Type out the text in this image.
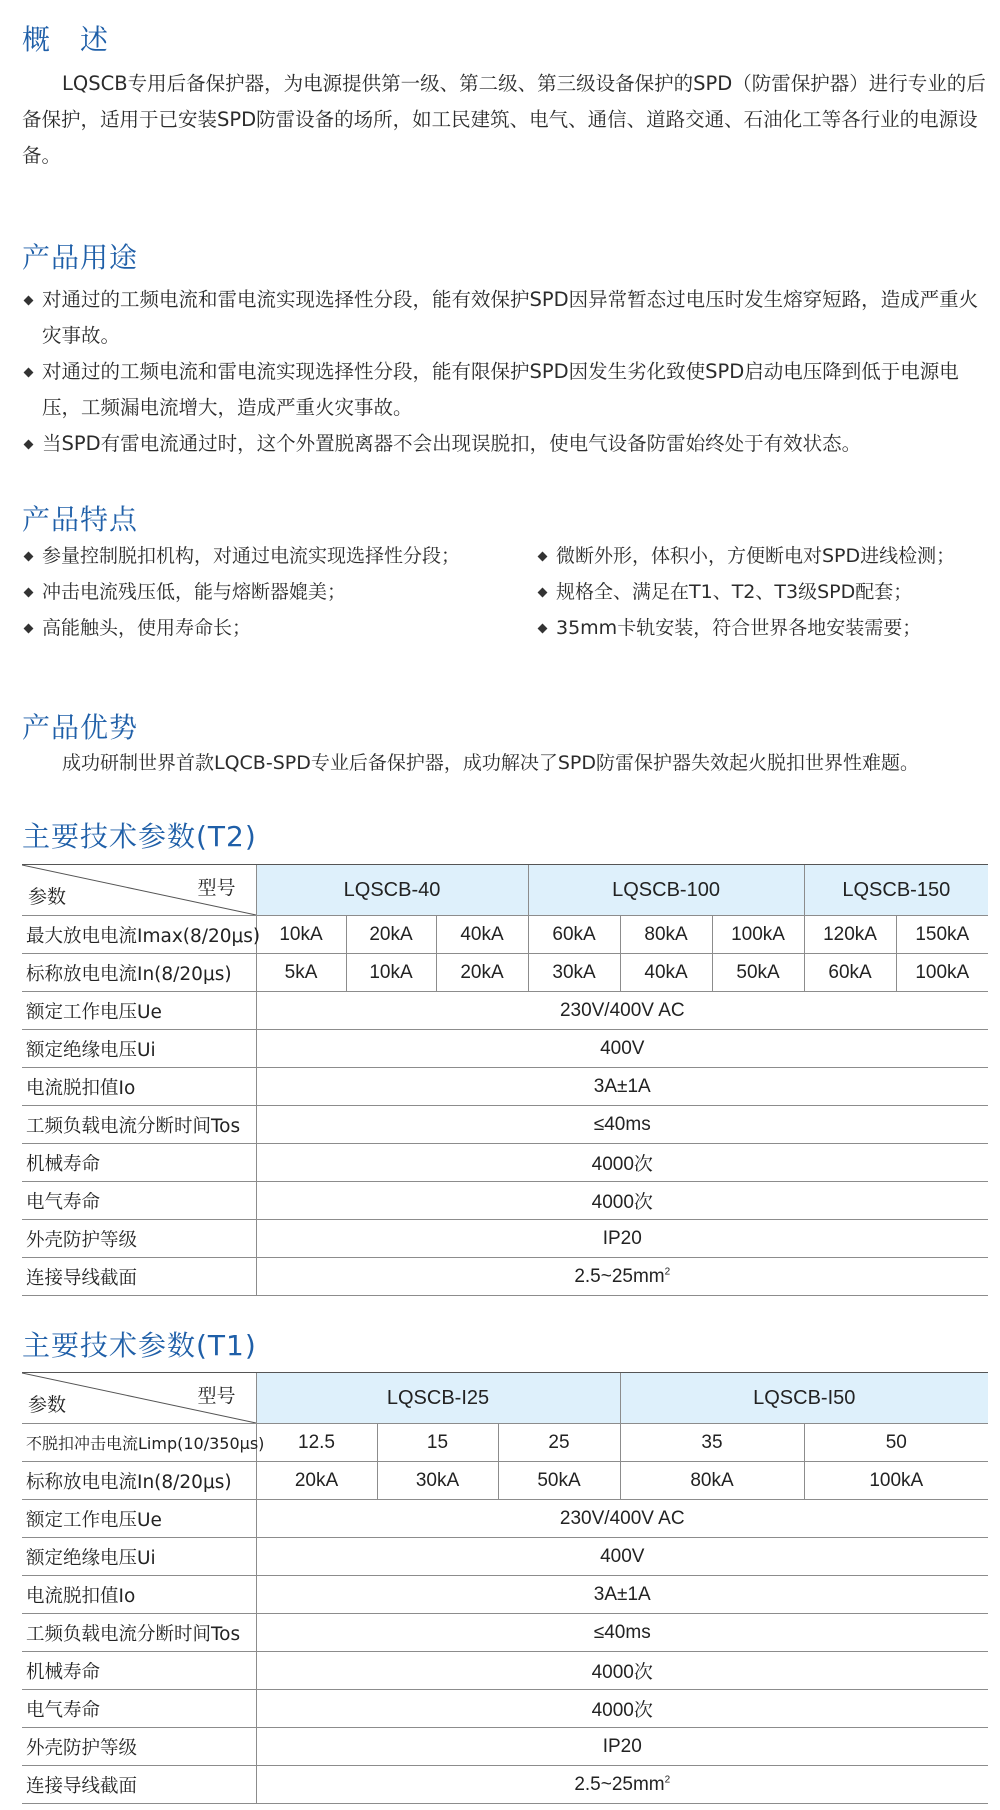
概　述

LQSCB专用后备保护器，为电源提供第一级、第二级、第三级设备保护的SPD（防雷保护器）进行专业的后备保护，适用于已安装SPD防雷设备的场所，如工民建筑、电气、通信、道路交通、石油化工等各行业的电源设备。

产品用途
对通过的工频电流和雷电流实现选择性分段，能有效保护SPD因异常暂态过电压时发生熔穿短路，造成严重火灾事故。
对通过的工频电流和雷电流实现选择性分段，能有限保护SPD因发生劣化致使SPD启动电压降到低于电源电压，工频漏电流增大，造成严重火灾事故。
当SPD有雷电流通过时，这个外置脱离器不会出现误脱扣，使电气设备防雷始终处于有效状态。
产品特点
参量控制脱扣机构，对通过电流实现选择性分段；
冲击电流残压低，能与熔断器媲美；
高能触头，使用寿命长；
微断外形，体积小，方便断电对SPD进线检测；
规格全、满足在T1、T2、T3级SPD配套；
35mm卡轨安装，符合世界各地安装需要；
产品优势

成功研制世界首款LQCB-SPD专业后备保护器，成功解决了SPD防雷保护器失效起火脱扣世界性难题。

主要技术参数(T2)
型号
参数	LQSCB-40			LQSCB-100			LQSCB-150	
最大放电电流Imax(8/20μs)	10kA	20kA	40kA	60kA	80kA	100kA	120kA	150kA
标称放电电流In(8/20μs)	5kA	10kA	20kA	30kA	40kA	50kA	60kA	100kA
额定工作电压Ue	230V/400V AC							
额定绝缘电压Ui	400V							
电流脱扣值Io	3A±1A							
工频负载电流分断时间Tos	≤40ms							
机械寿命	4000次							
电气寿命	4000次							
外壳防护等级	IP20							
连接导线截面	$2.5\sim 25mm^2$
主要技术参数(T1)
型号
参数	LQSCB-I25			LQSCB-I50	
不脱扣冲击电流Limp(10/350μs)	12.5	15	25	35	50
标称放电电流In(8/20μs)	20kA	30kA	50kA	80kA	100kA
额定工作电压Ue	230V/400V AC				
额定绝缘电压Ui	400V				
电流脱扣值Io	3A±1A				
工频负载电流分断时间Tos	≤40ms				
机械寿命	4000次				
电气寿命	4000次				
外壳防护等级	IP20				
连接导线截面	$2.5\sim 25mm^2$
